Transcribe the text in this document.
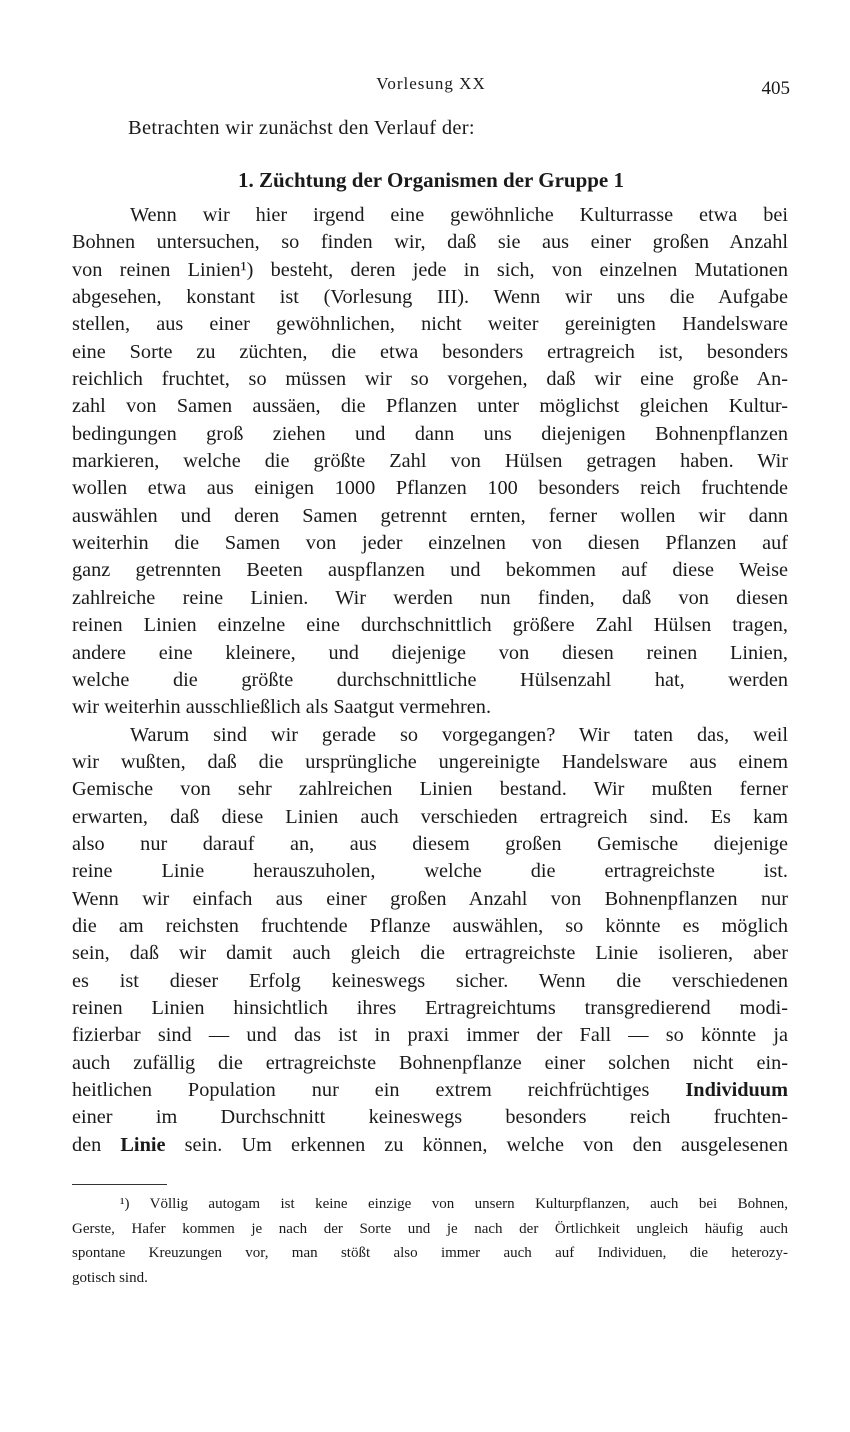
Vorlesung XX	405
Betrachten wir zunächst den Verlauf der:
1. Züchtung der Organismen der Gruppe 1
Wenn wir hier irgend eine gewöhnliche Kulturrasse etwa bei
Bohnen untersuchen, so finden wir, daß sie aus einer großen Anzahl
von reinen Linien¹) besteht, deren jede in sich, von einzelnen Mutationen
abgesehen, konstant ist (Vorlesung III). Wenn wir uns die Aufgabe
stellen, aus einer gewöhnlichen, nicht weiter gereinigten Handelsware
eine Sorte zu züchten, die etwa besonders ertragreich ist, besonders
reichlich fruchtet, so müssen wir so vorgehen, daß wir eine große An-
zahl von Samen aussäen, die Pflanzen unter möglichst gleichen Kultur-
bedingungen groß ziehen und dann uns diejenigen Bohnenpflanzen
markieren, welche die größte Zahl von Hülsen getragen haben. Wir
wollen etwa aus einigen 1000 Pflanzen 100 besonders reich fruchtende
auswählen und deren Samen getrennt ernten, ferner wollen wir dann
weiterhin die Samen von jeder einzelnen von diesen Pflanzen auf
ganz getrennten Beeten auspflanzen und bekommen auf diese Weise
zahlreiche reine Linien. Wir werden nun finden, daß von diesen
reinen Linien einzelne eine durchschnittlich größere Zahl Hülsen tragen,
andere eine kleinere, und diejenige von diesen reinen Linien,
welche die größte durchschnittliche Hülsenzahl hat, werden
wir weiterhin ausschließlich als Saatgut vermehren.
Warum sind wir gerade so vorgegangen? Wir taten das, weil
wir wußten, daß die ursprüngliche ungereinigte Handelsware aus einem
Gemische von sehr zahlreichen Linien bestand. Wir mußten ferner
erwarten, daß diese Linien auch verschieden ertragreich sind. Es kam
also nur darauf an, aus diesem großen Gemische diejenige
reine Linie herauszuholen, welche die ertragreichste ist.
Wenn wir einfach aus einer großen Anzahl von Bohnenpflanzen nur
die am reichsten fruchtende Pflanze auswählen, so könnte es möglich
sein, daß wir damit auch gleich die ertragreichste Linie isolieren, aber
es ist dieser Erfolg keineswegs sicher. Wenn die verschiedenen
reinen Linien hinsichtlich ihres Ertragreichtums transgredierend modi-
fizierbar sind — und das ist in praxi immer der Fall — so könnte ja
auch zufällig die ertragreichste Bohnenpflanze einer solchen nicht ein-
heitlichen Population nur ein extrem reichfrüchtiges Individuum
einer im Durchschnitt keineswegs besonders reich fruchten-
den Linie sein. Um erkennen zu können, welche von den ausgelesenen
¹) Völlig autogam ist keine einzige von unsern Kulturpflanzen, auch bei Bohnen,
Gerste, Hafer kommen je nach der Sorte und je nach der Örtlichkeit ungleich häufig auch
spontane Kreuzungen vor, man stößt also immer auch auf Individuen, die heterozy-
gotisch sind.
